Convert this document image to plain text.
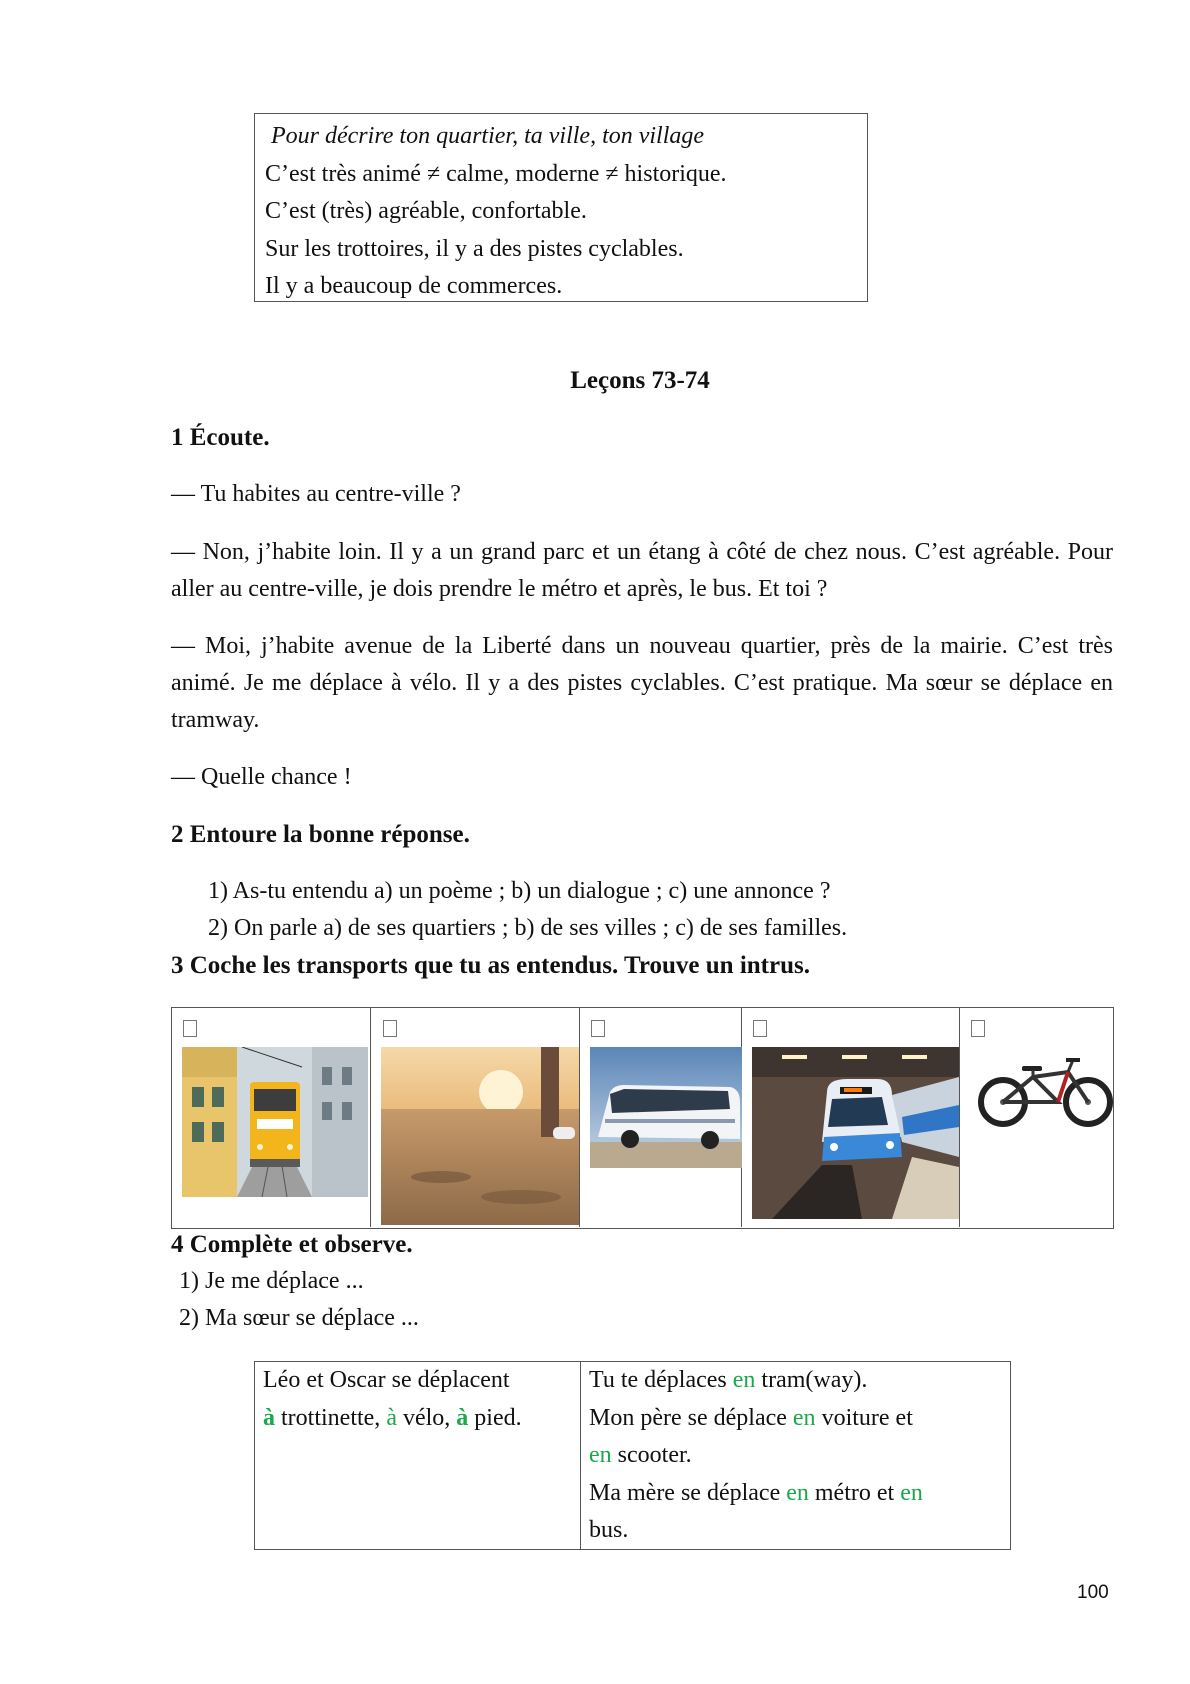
Pour décrire ton quartier, ta ville, ton village
C’est très animé ≠ calme, moderne ≠ historique.
C’est (très) agréable, confortable.
Sur les trottoires, il y a des pistes cyclables.
Il y a beaucoup de commerces.
Leçons 73-74
1 Écoute.
— Tu habites au centre-ville ?
— Non, j’habite loin. Il y a un grand parc et un étang à côté de chez nous. C’est agréable. Pour aller au centre-ville, je dois prendre le métro et après, le bus. Et toi ?
— Moi, j’habite avenue de la Liberté dans un nouveau quartier, près de la mairie. C’est très animé. Je me déplace à vélo. Il y a des pistes cyclables. C’est pratique. Ma sœur se déplace en tramway.
— Quelle chance !
2 Entoure la bonne réponse.
1) As-tu entendu a) un poème ; b) un dialogue ; c) une annonce ?
2) On parle a) de ses quartiers ; b) de ses villes ; c) de ses familles.
3 Coche les transports que tu as entendus. Trouve un intrus.
4 Complète et observe.
1) Je me déplace ...
2) Ma sœur se déplace ...
Léo et Oscar se déplacent
à trottinette, à vélo, à pied.
Tu te déplaces en tram(way).
Mon père se déplace en voiture et
en scooter.
Ma mère se déplace en métro et en
bus.
100
